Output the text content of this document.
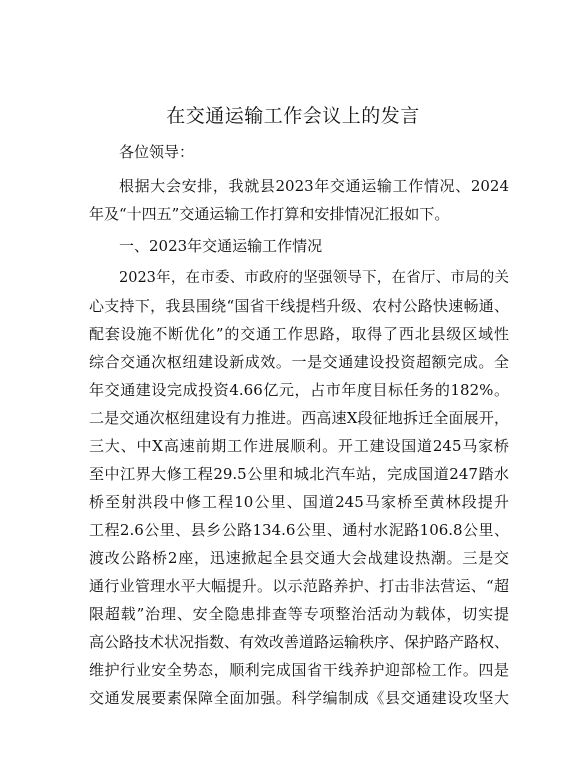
在交通运输工作会议上的发言
各位领导：
根据大会安排，我就县2023年交通运输工作情况、2024
年及“十四五”交通运输工作打算和安排情况汇报如下。
一、2023年交通运输工作情况
2023年，在市委、市政府的坚强领导下，在省厅、市局的关
心支持下，我县围绕“国省干线提档升级、农村公路快速畅通、
配套设施不断优化”的交通工作思路，取得了西北县级区域性
综合交通次枢纽建设新成效。一是交通建设投资超额完成。全
年交通建设完成投资4.66亿元，占市年度目标任务的182%。
二是交通次枢纽建设有力推进。西高速X段征地拆迁全面展开，
三大、中X高速前期工作进展顺利。开工建设国道245马家桥
至中江界大修工程29.5公里和城北汽车站，完成国道247踏水
桥至射洪段中修工程10公里、国道245马家桥至黄林段提升
工程2.6公里、县乡公路134.6公里、通村水泥路106.8公里、
渡改公路桥2座，迅速掀起全县交通大会战建设热潮。三是交
通行业管理水平大幅提升。以示范路养护、打击非法营运、“超
限超载”治理、安全隐患排查等专项整治活动为载体，切实提
高公路技术状况指数、有效改善道路运输秩序、保护路产路权、
维护行业安全势态，顺利完成国省干线养护迎部检工作。四是
交通发展要素保障全面加强。科学编制成《县交通建设攻坚大
